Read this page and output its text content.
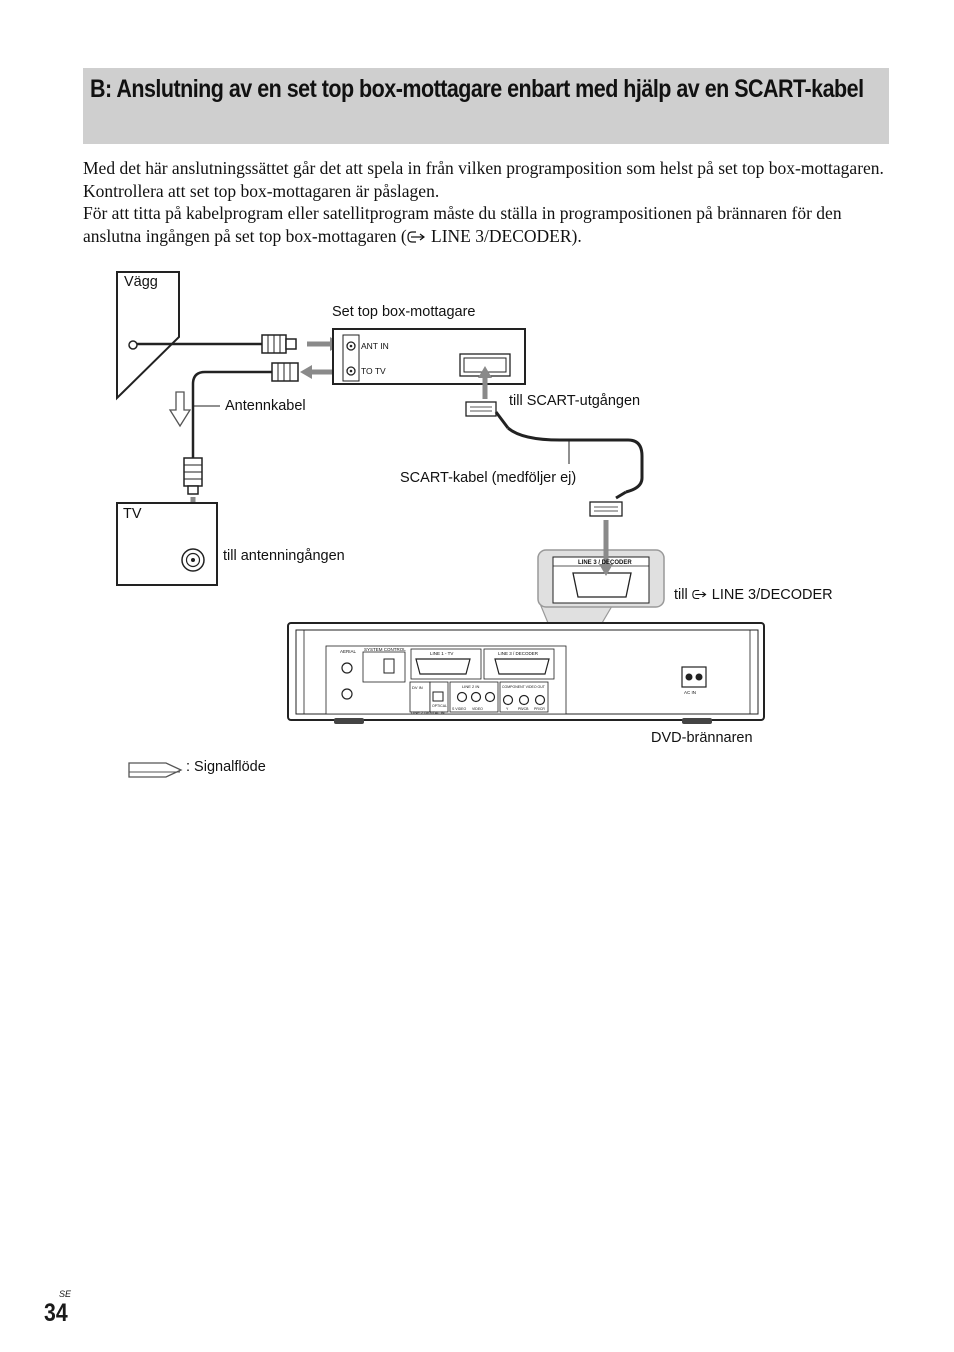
B: Anslutning av en set top box-mottagare enbart med hjälp av en SCART-kabel

Med det här anslutningssättet går det att spela in från vilken programposition som helst på set top box-mottagaren. Kontrollera att set top box-mottagaren är påslagen.

För att titta på kabelprogram eller satellitprogram måste du ställa in programpositionen på brännaren för den anslutna ingången på set top box-mottagaren ( LINE 3/DECODER).

ANT IN
TO TV
LINE 3 / DECODER
AERIAL SYSTEM CONTROL
LINE 1 - TV	LINE 3 / DECODER
DV IN	LINE 2 IN	COMPONENT VIDEO OUT
OPTICAL
LINE 2 DIGITAL IN
S VIDEO VIDEO	Y	PB/CB PR/CR
AC IN
Vägg
Set top box-mottagare
Antennkabel
TV
till antenningången
till SCART-utgången
SCART-kabel (medföljer ej)
till LINE 3/DECODER
DVD-brännaren
: Signalflöde
SE
34
